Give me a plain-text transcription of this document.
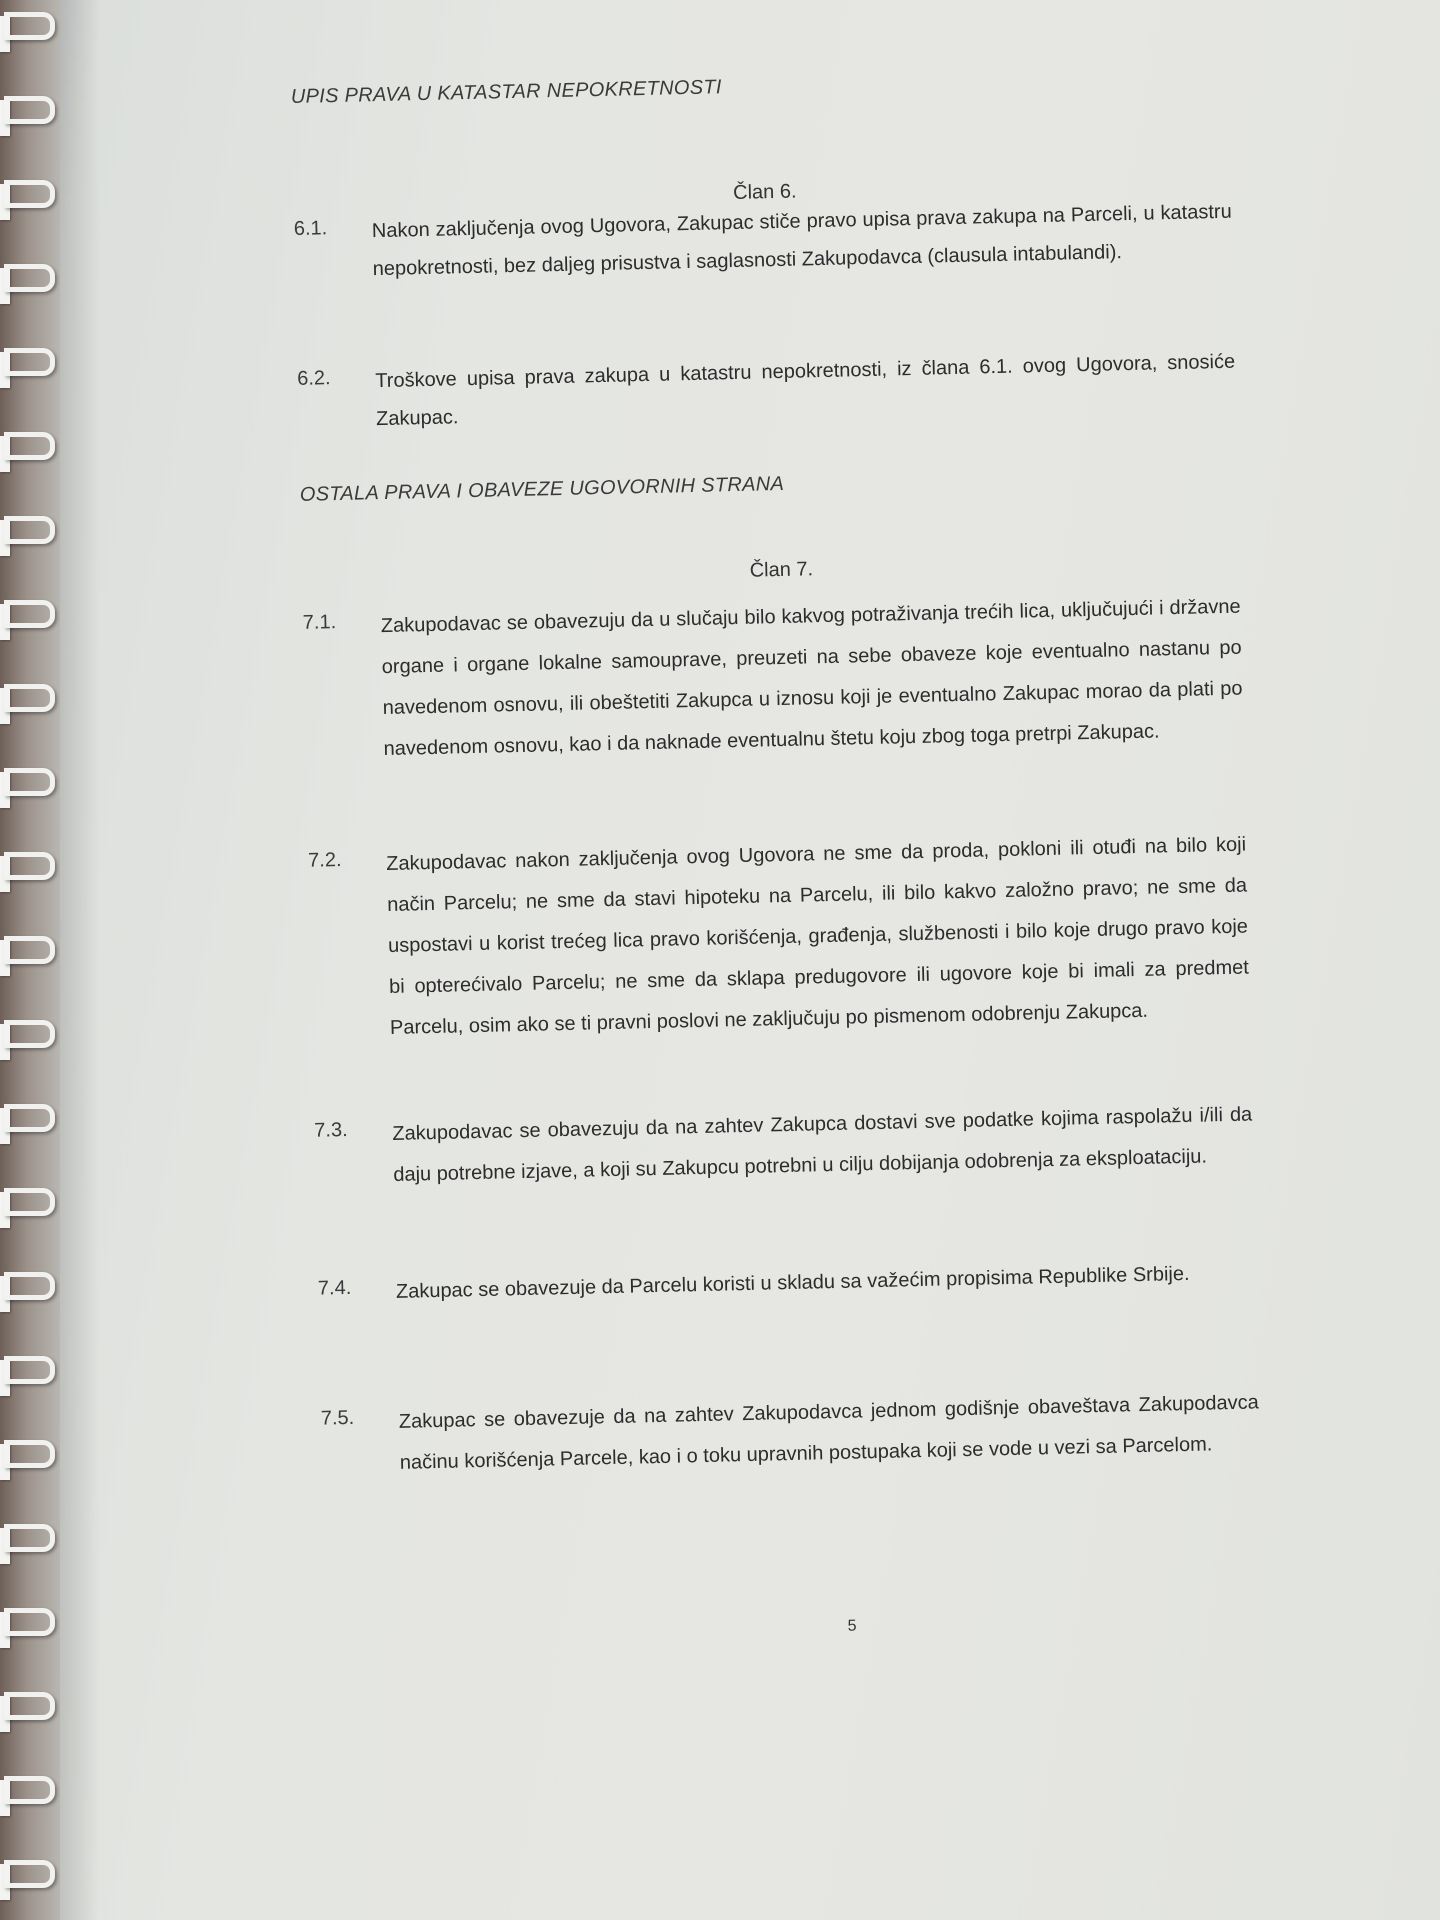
UPIS PRAVA U KATASTAR NEPOKRETNOSTI
Član 6.
6.1. Nakon zaključenja ovog Ugovora, Zakupac stiče pravo upisa prava zakupa na Parceli, u katastru nepokretnosti, bez daljeg prisustva i saglasnosti Zakupodavca (clausula intabulandi).
6.2. Troškove upisa prava zakupa u katastru nepokretnosti, iz člana 6.1. ovog Ugovora, snosiće Zakupac.
OSTALA PRAVA I OBAVEZE UGOVORNIH STRANA
Član 7.
7.1. Zakupodavac se obavezuju da u slučaju bilo kakvog potraživanja trećih lica, uključujući i državne organe i organe lokalne samouprave, preuzeti na sebe obaveze koje eventualno nastanu po navedenom osnovu, ili obeštetiti Zakupca u iznosu koji je eventualno Zakupac morao da plati po navedenom osnovu, kao i da naknade eventualnu štetu koju zbog toga pretrpi Zakupac.
7.2. Zakupodavac nakon zaključenja ovog Ugovora ne sme da proda, pokloni ili otuđi na bilo koji način Parcelu; ne sme da stavi hipoteku na Parcelu, ili bilo kakvo založno pravo; ne sme da uspostavi u korist trećeg lica pravo korišćenja, građenja, službenosti i bilo koje drugo pravo koje bi opterećivalo Parcelu; ne sme da sklapa predugovore ili ugovore koje bi imali za predmet Parcelu, osim ako se ti pravni poslovi ne zaključuju po pismenom odobrenju Zakupca.
7.3. Zakupodavac se obavezuju da na zahtev Zakupca dostavi sve podatke kojima raspolažu i/ili da daju potrebne izjave, a koji su Zakupcu potrebni u cilju dobijanja odobrenja za eksploataciju.
7.4. Zakupac se obavezuje da Parcelu koristi u skladu sa važećim propisima Republike Srbije.
7.5. Zakupac se obavezuje da na zahtev Zakupodavca jednom godišnje obaveštava Zakupodavca načinu korišćenja Parcele, kao i o toku upravnih postupaka koji se vode u vezi sa Parcelom.
5
